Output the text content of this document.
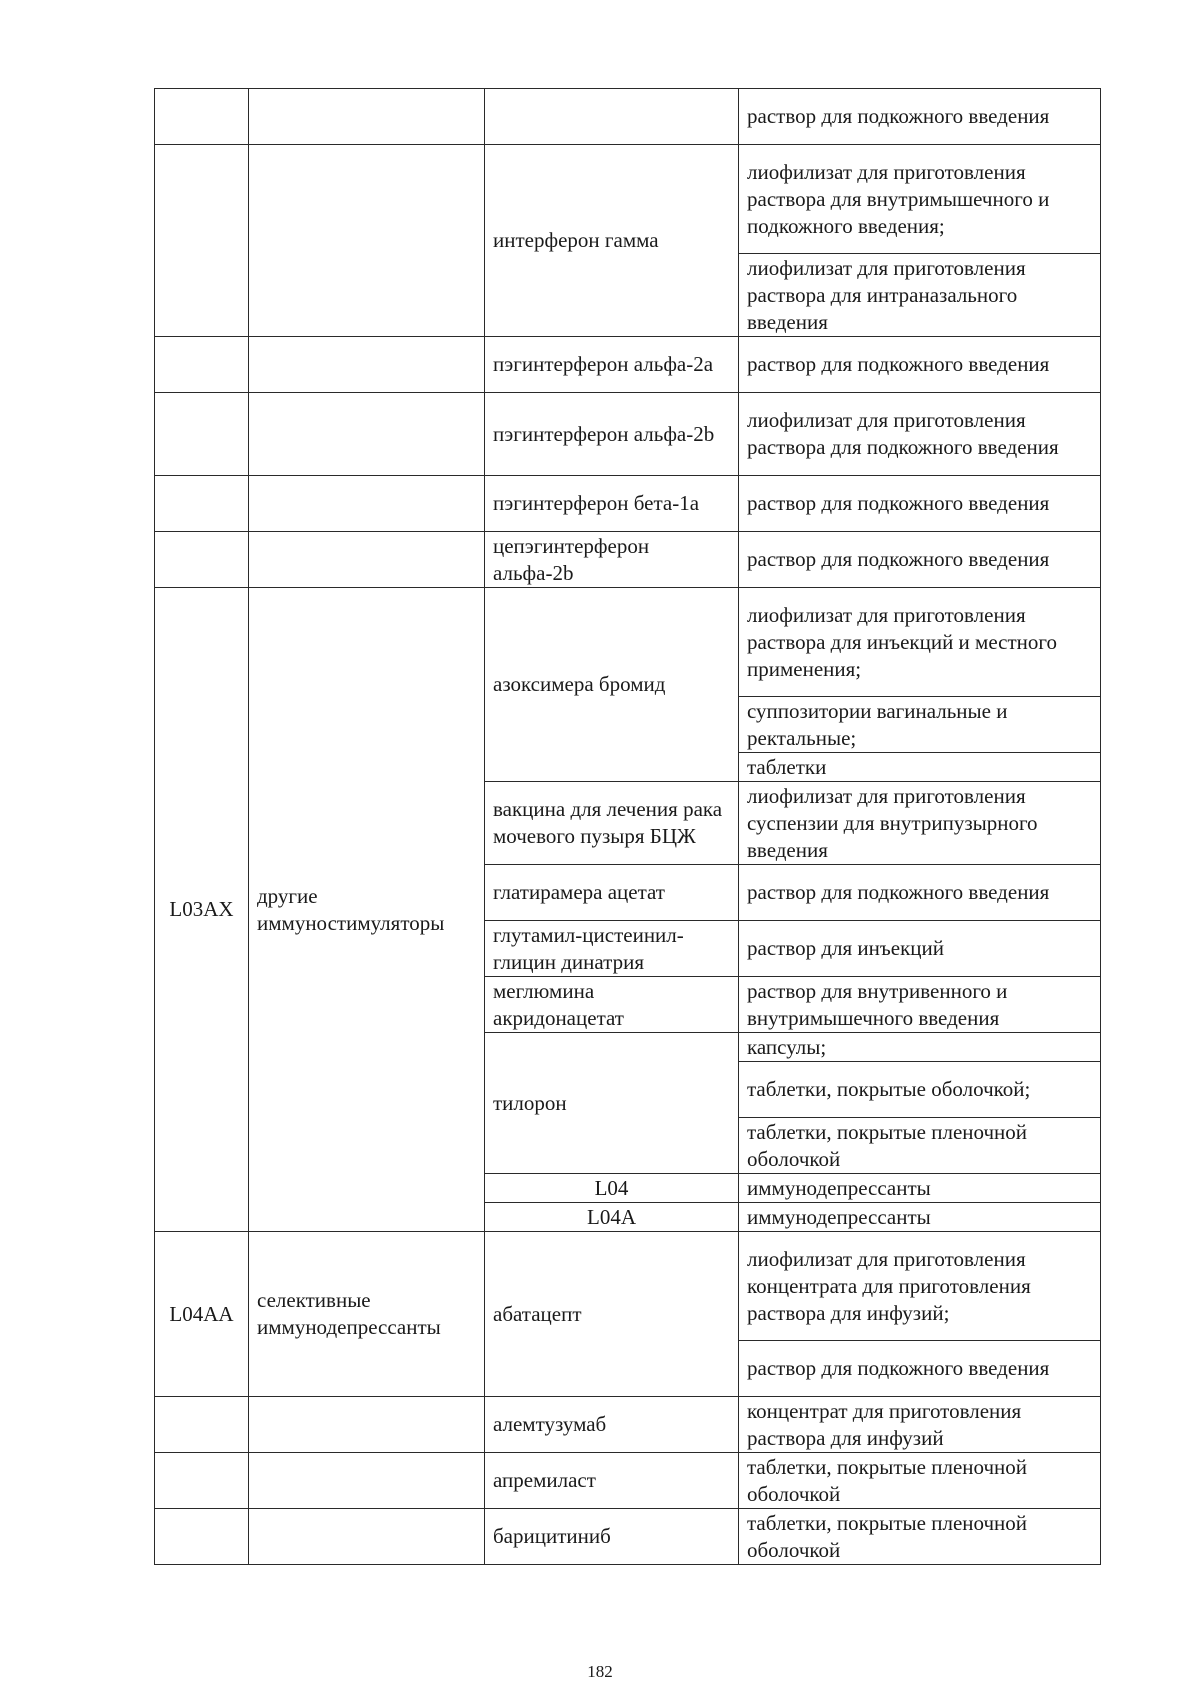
			раствор для подкожного введения	
		интерферон гамма	лиофилизат для приготовления раствора для внутримышечного и подкожного введения;	
			лиофилизат для приготовления раствора для интраназального введения	
		пэгинтерферон альфа-2a	раствор для подкожного введения	
		пэгинтерферон альфа-2b	лиофилизат для приготовления раствора для подкожного введения	
		пэгинтерферон бета-1a	раствор для подкожного введения	
		цепэгинтерферон альфа-2b	раствор для подкожного введения	
L03AX	другие иммуностимуляторы	азоксимера бромид	лиофилизат для приготовления раствора для инъекций и местного применения;	
			суппозитории вагинальные и ректальные;	
			таблетки	
		вакцина для лечения рака мочевого пузыря БЦЖ	лиофилизат для приготовления суспензии для внутрипузырного введения	
		глатирамера ацетат	раствор для подкожного введения	
		глутамил-цистеинил-глицин динатрия	раствор для инъекций	
		меглюмина акридонацетат	раствор для внутривенного и внутримышечного введения	
		тилорон	капсулы;	
			таблетки, покрытые оболочкой;	
			таблетки, покрытые пленочной оболочкой	
		L04	иммунодепрессанты		
		L04A	иммунодепрессанты		
L04AA	селективные иммунодепрессанты	абатацепт	лиофилизат для приготовления концентрата для приготовления раствора для инфузий;	
			раствор для подкожного введения	
		алемтузумаб	концентрат для приготовления раствора для инфузий	
		апремиласт	таблетки, покрытые пленочной оболочкой	
		барицитиниб	таблетки, покрытые пленочной оболочкой	
182
